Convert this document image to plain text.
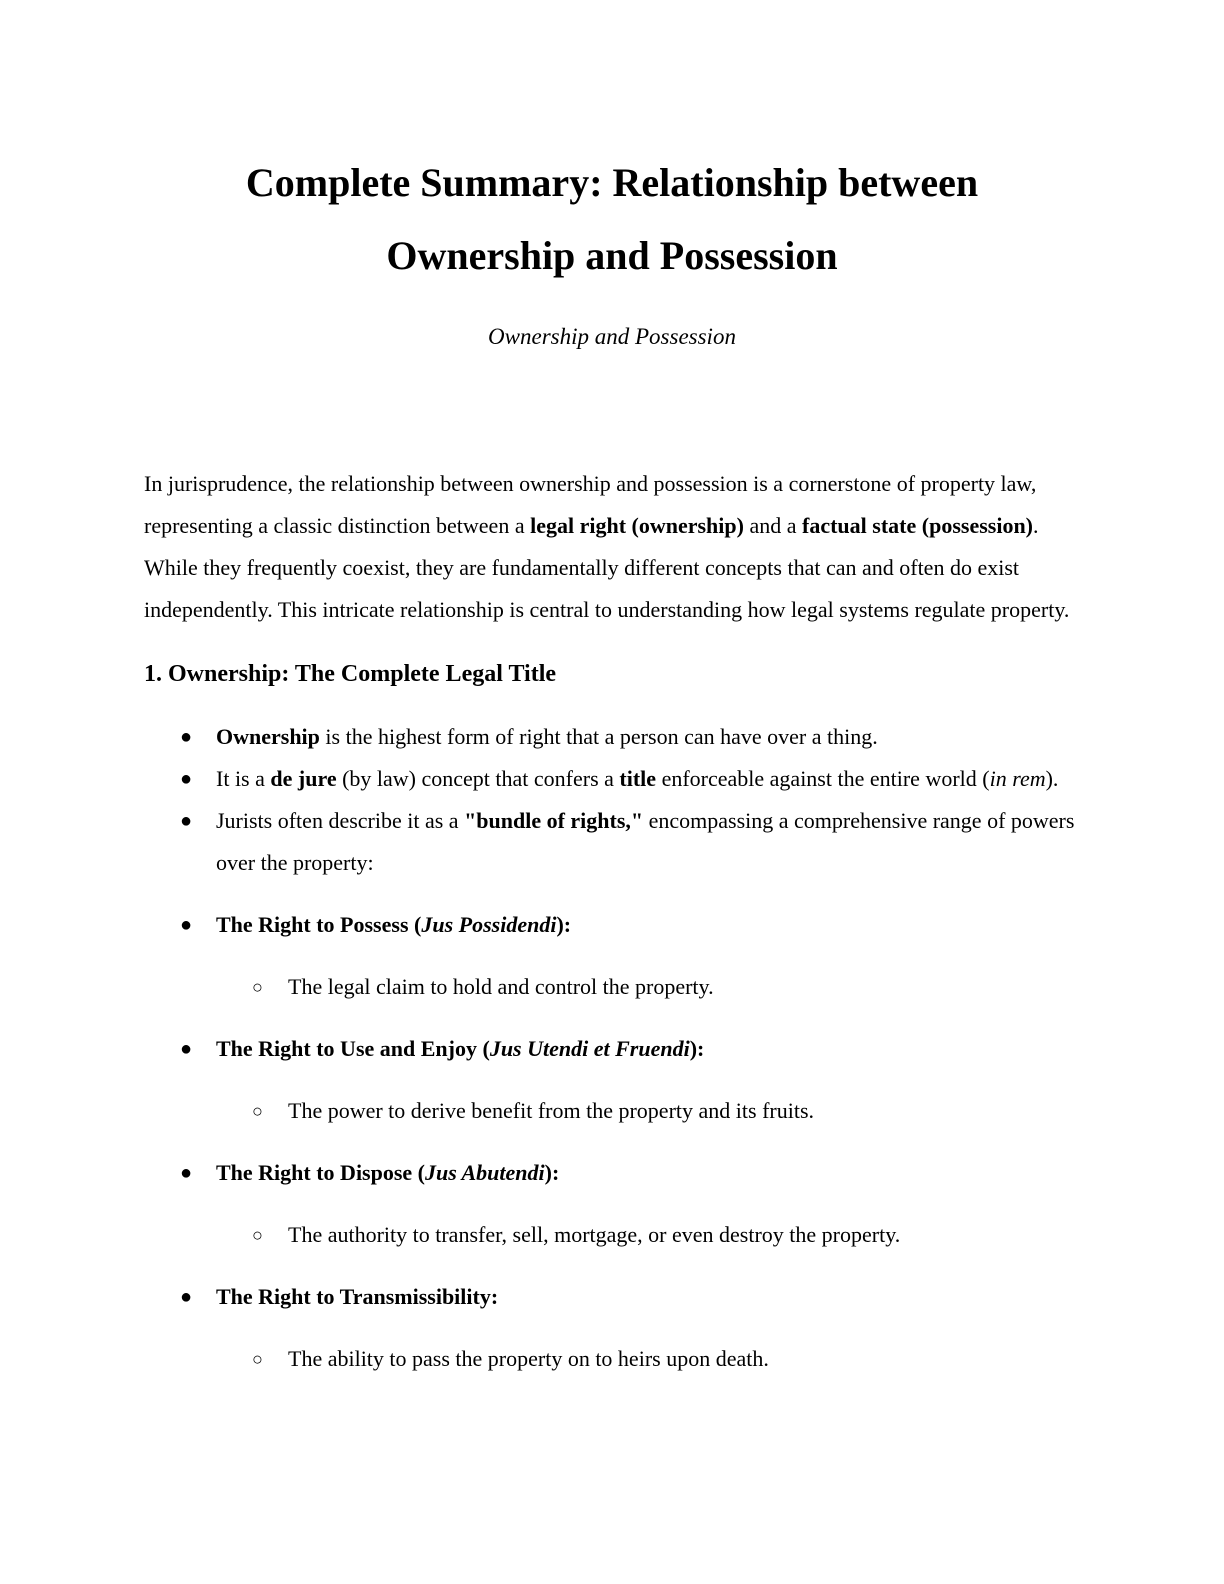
Complete Summary: Relationship between
Ownership and Possession
Ownership and Possession

In jurisprudence, the relationship between ownership and possession is a cornerstone of property law, representing a classic distinction between a legal right (ownership) and a factual state (possession). While they frequently coexist, they are fundamentally different concepts that can and often do exist independently. This intricate relationship is central to understanding how legal systems regulate property.

1. Ownership: The Complete Legal Title
●	Ownership is the highest form of right that a person can have over a thing.
●	It is a de jure (by law) concept that confers a title enforceable against the entire world (in rem).
●	Jurists often describe it as a "bundle of rights," encompassing a comprehensive range of powers over the property:
●	The Right to Possess (Jus Possidendi):
○	The legal claim to hold and control the property.
●	The Right to Use and Enjoy (Jus Utendi et Fruendi):
○	The power to derive benefit from the property and its fruits.
●	The Right to Dispose (Jus Abutendi):
○	The authority to transfer, sell, mortgage, or even destroy the property.
●	The Right to Transmissibility:
○	The ability to pass the property on to heirs upon death.
